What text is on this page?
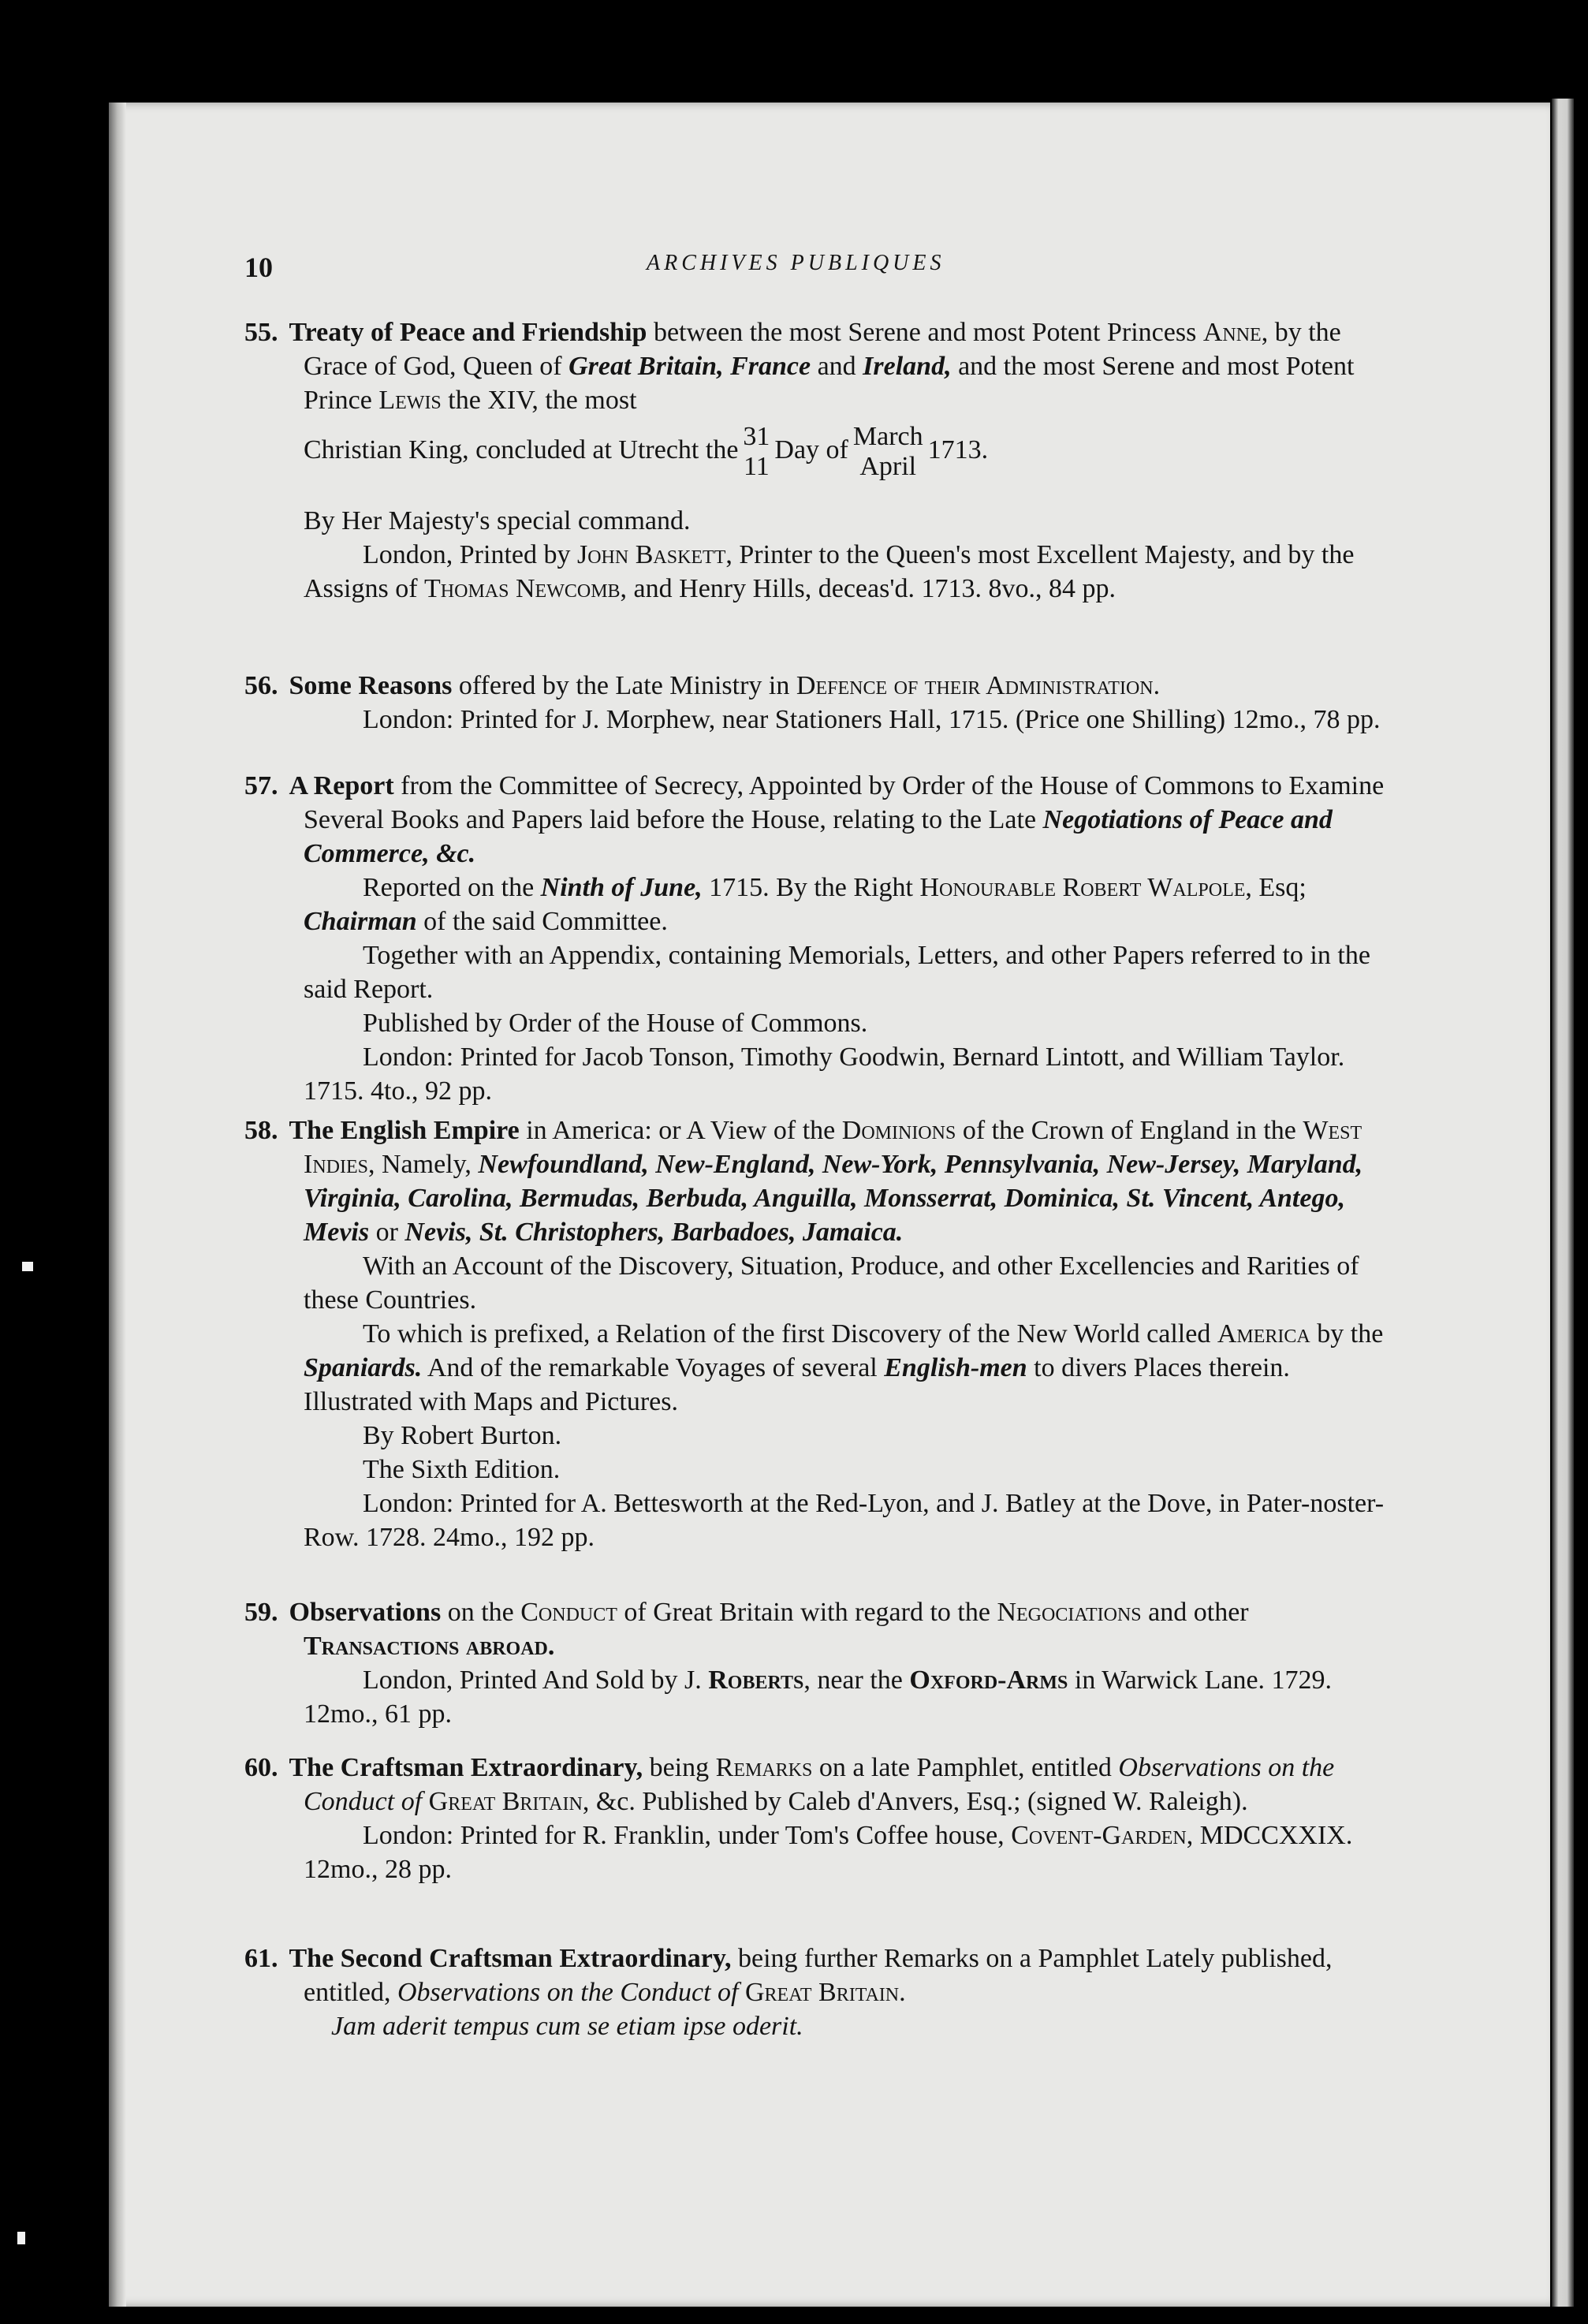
10	ARCHIVES PUBLIQUES

55. Treaty of Peace and Friendship between the most Serene and most Potent Princess Anne, by the Grace of God, Queen of Great Britain, France and Ireland, and the most Serene and most Potent Prince Lewis the XIV, the most

Christian King, concluded at Utrecht the 31
11
Day of March
April
1713.

By Her Majesty's special command.

London, Printed by John Baskett, Printer to the Queen's most Excellent Majesty, and by the Assigns of Thomas Newcomb, and Henry Hills, deceas'd. 1713. 8vo., 84 pp.

56. Some Reasons offered by the Late Ministry in Defence of their Administration.

London: Printed for J. Morphew, near Stationers Hall, 1715. (Price one Shilling) 12mo., 78 pp.

57. A Report from the Committee of Secrecy, Appointed by Order of the House of Commons to Examine Several Books and Papers laid before the House, relating to the Late Negotiations of Peace and Commerce, &c.

Reported on the Ninth of June, 1715. By the Right Honourable Robert Walpole, Esq; Chairman of the said Committee.

Together with an Appendix, containing Memorials, Letters, and other Papers referred to in the said Report.

Published by Order of the House of Commons.

London: Printed for Jacob Tonson, Timothy Goodwin, Bernard Lintott, and William Taylor. 1715. 4to., 92 pp.

58. The English Empire in America: or A View of the Dominions of the Crown of England in the West Indies, Namely, Newfoundland, New-England, New-York, Pennsylvania, New-Jersey, Maryland, Virginia, Carolina, Bermudas, Berbuda, Anguilla, Monsserrat, Dominica, St. Vincent, Antego, Mevis or Nevis, St. Christophers, Barbadoes, Jamaica.

With an Account of the Discovery, Situation, Produce, and other Excellencies and Rarities of these Countries.

To which is prefixed, a Relation of the first Discovery of the New World called America by the Spaniards. And of the remarkable Voyages of several English-men to divers Places therein. Illustrated with Maps and Pictures.

By Robert Burton.

The Sixth Edition.

London: Printed for A. Bettesworth at the Red-Lyon, and J. Batley at the Dove, in Pater-noster-Row. 1728. 24mo., 192 pp.

59. Observations on the Conduct of Great Britain with regard to the Negociations and other Transactions abroad.

London, Printed And Sold by J. Roberts, near the Oxford-Arms in Warwick Lane. 1729. 12mo., 61 pp.

60. The Craftsman Extraordinary, being Remarks on a late Pamphlet, entitled Observations on the Conduct of Great Britain, &c. Published by Caleb d'Anvers, Esq.; (signed W. Raleigh).

London: Printed for R. Franklin, under Tom's Coffee house, Covent-Garden, MDCCXXIX. 12mo., 28 pp.

61. The Second Craftsman Extraordinary, being further Remarks on a Pamphlet Lately published, entitled, Observations on the Conduct of Great Britain.

Jam aderit tempus cum se etiam ipse oderit.
